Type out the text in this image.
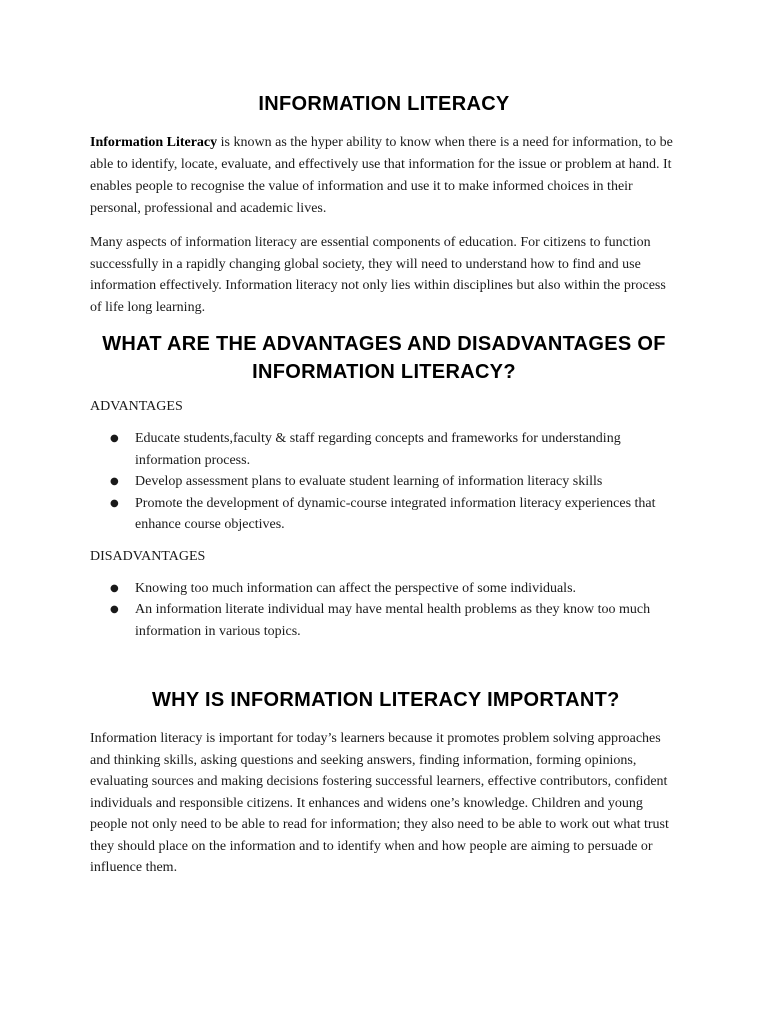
INFORMATION LITERACY

Information Literacy is known as the hyper ability to know when there is a need for information, to be able to identify, locate, evaluate, and effectively use that information for the issue or problem at hand. It enables people to recognise the value of information and use it to make informed choices in their personal, professional and academic lives.

Many aspects of information literacy are essential components of education. For citizens to function successfully in a rapidly changing global society, they will need to understand how to find and use information effectively. Information literacy not only lies within disciplines but also within the process of life long learning.

WHAT ARE THE ADVANTAGES AND DISADVANTAGES OF INFORMATION LITERACY?
ADVANTAGES
● Educate students,faculty & staff regarding concepts and frameworks for understanding information process.
● Develop assessment plans to evaluate student learning of information literacy skills
● Promote the development of dynamic-course integrated information literacy experiences that enhance course objectives.
DISADVANTAGES
● Knowing too much information can affect the perspective of some individuals.
● An information literate individual may have mental health problems as they know too much information in various topics.
WHY IS INFORMATION LITERACY IMPORTANT?

Information literacy is important for today’s learners because it promotes problem solving approaches and thinking skills, asking questions and seeking answers, finding information, forming opinions, evaluating sources and making decisions fostering successful learners, effective contributors, confident individuals and responsible citizens. It enhances and widens one’s knowledge. Children and young people not only need to be able to read for information; they also need to be able to work out what trust they should place on the information and to identify when and how people are aiming to persuade or influence them.
